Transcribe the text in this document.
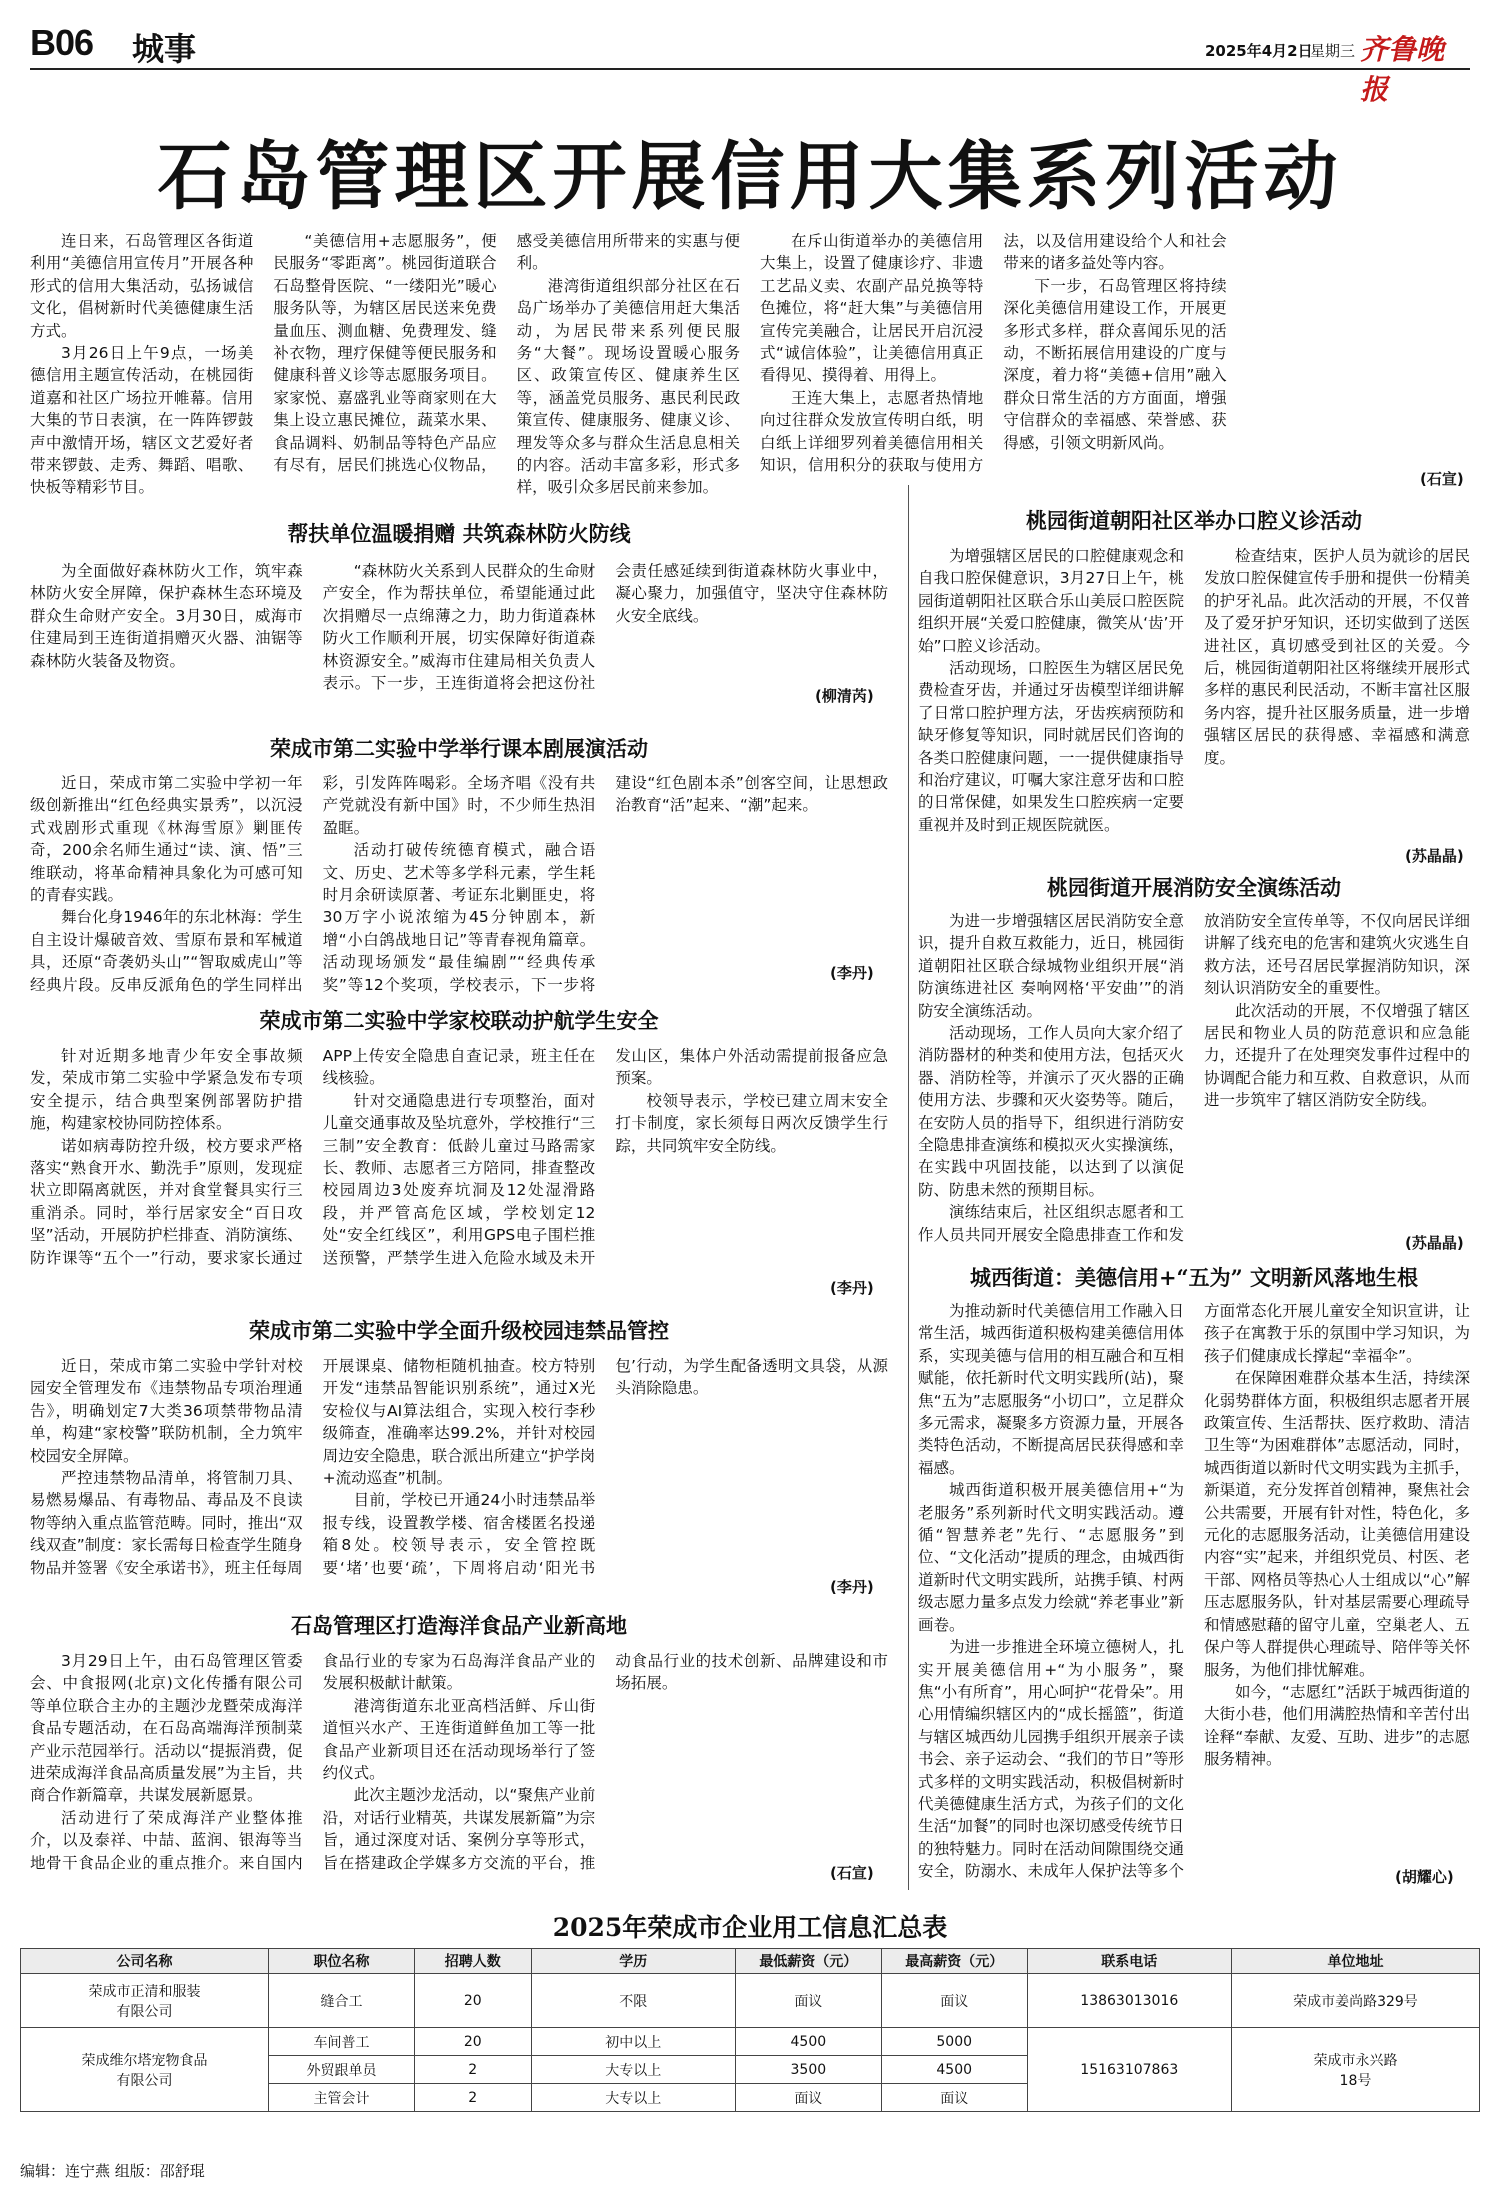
B06 城事	2025年4月2日
星期三 齐鲁晚报
石岛管理区开展信用大集系列活动

连日来，石岛管理区各街道利用“美德信用宣传月”开展各种形式的信用大集活动，弘扬诚信文化，倡树新时代美德健康生活方式。

3月26日上午9点，一场美德信用主题宣传活动，在桃园街道嘉和社区广场拉开帷幕。信用大集的节日表演，在一阵阵锣鼓声中激情开场，辖区文艺爱好者带来锣鼓、走秀、舞蹈、唱歌、快板等精彩节目。

“美德信用+志愿服务”，便民服务“零距离”。桃园街道联合石岛整骨医院、“一缕阳光”暖心服务队等，为辖区居民送来免费量血压、测血糖、免费理发、缝补衣物，理疗保健等便民服务和健康科普义诊等志愿服务项目。家家悦、嘉盛乳业等商家则在大集上设立惠民摊位，蔬菜水果、食品调料、奶制品等特色产品应有尽有，居民们挑选心仪物品，感受美德信用所带来的实惠与便利。

港湾街道组织部分社区在石岛广场举办了美德信用赶大集活动，为居民带来系列便民服务“大餐”。现场设置暖心服务区、政策宣传区、健康养生区等，涵盖党员服务、惠民利民政策宣传、健康服务、健康义诊、理发等众多与群众生活息息相关的内容。活动丰富多彩，形式多样，吸引众多居民前来参加。

在斥山街道举办的美德信用大集上，设置了健康诊疗、非遗工艺品义卖、农副产品兑换等特色摊位，将“赶大集”与美德信用宣传完美融合，让居民开启沉浸式“诚信体验”，让美德信用真正看得见、摸得着、用得上。

王连大集上，志愿者热情地向过往群众发放宣传明白纸，明白纸上详细罗列着美德信用相关知识，信用积分的获取与使用方法，以及信用建设给个人和社会带来的诸多益处等内容。

下一步，石岛管理区将持续深化美德信用建设工作，开展更多形式多样，群众喜闻乐见的活动，不断拓展信用建设的广度与深度，着力将“美德+信用”融入群众日常生活的方方面面，增强守信群众的幸福感、荣誉感、获得感，引领文明新风尚。

(石宣)
帮扶单位温暖捐赠 共筑森林防火防线

为全面做好森林防火工作，筑牢森林防火安全屏障，保护森林生态环境及群众生命财产安全。3月30日，威海市住建局到王连街道捐赠灭火器、油锯等森林防火装备及物资。

“森林防火关系到人民群众的生命财产安全，作为帮扶单位，希望能通过此次捐赠尽一点绵薄之力，助力街道森林防火工作顺利开展，切实保障好街道森林资源安全。”威海市住建局相关负责人表示。下一步，王连街道将会把这份社会责任感延续到街道森林防火事业中，凝心聚力，加强值守，坚决守住森林防火安全底线。

(柳清芮)
荣成市第二实验中学举行课本剧展演活动

近日，荣成市第二实验中学初一年级创新推出“红色经典实景秀”，以沉浸式戏剧形式重现《林海雪原》剿匪传奇，200余名师生通过“读、演、悟”三维联动，将革命精神具象化为可感可知的青春实践。

舞台化身1946年的东北林海：学生自主设计爆破音效、雪原布景和军械道具，还原“奇袭奶头山”“智取威虎山”等经典片段。反串反派角色的学生同样出彩，引发阵阵喝彩。全场齐唱《没有共产党就没有新中国》时，不少师生热泪盈眶。

活动打破传统德育模式，融合语文、历史、艺术等多学科元素，学生耗时月余研读原著、考证东北剿匪史，将30万字小说浓缩为45分钟剧本，新增“小白鸽战地日记”等青春视角篇章。活动现场颁发“最佳编剧”“经典传承奖”等12个奖项，学校表示，下一步将建设“红色剧本杀”创客空间，让思想政治教育“活”起来、“潮”起来。

(李丹)
荣成市第二实验中学家校联动护航学生安全

针对近期多地青少年安全事故频发，荣成市第二实验中学紧急发布专项安全提示，结合典型案例部署防护措施，构建家校协同防控体系。

诺如病毒防控升级，校方要求严格落实“熟食开水、勤洗手”原则，发现症状立即隔离就医，并对食堂餐具实行三重消杀。同时，举行居家安全“百日攻坚”活动，开展防护栏排查、消防演练、防诈课等“五个一”行动，要求家长通过APP上传安全隐患自查记录，班主任在线核验。

针对交通隐患进行专项整治，面对儿童交通事故及坠坑意外，学校推行“三三制”安全教育：低龄儿童过马路需家长、教师、志愿者三方陪同，排查整改校园周边3处废弃坑洞及12处湿滑路段，并严管高危区域，学校划定12处“安全红线区”，利用GPS电子围栏推送预警，严禁学生进入危险水域及未开发山区，集体户外活动需提前报备应急预案。

校领导表示，学校已建立周末安全打卡制度，家长须每日两次反馈学生行踪，共同筑牢安全防线。

(李丹)
荣成市第二实验中学全面升级校园违禁品管控

近日，荣成市第二实验中学针对校园安全管理发布《违禁物品专项治理通告》，明确划定7大类36项禁带物品清单，构建“家校警”联防机制，全力筑牢校园安全屏障。

严控违禁物品清单，将管制刀具、易燃易爆品、有毒物品、毒品及不良读物等纳入重点监管范畴。同时，推出“双线双查”制度：家长需每日检查学生随身物品并签署《安全承诺书》，班主任每周开展课桌、储物柜随机抽查。校方特别开发“违禁品智能识别系统”，通过X光安检仪与AI算法组合，实现入校行李秒级筛查，准确率达99.2%，并针对校园周边安全隐患，联合派出所建立“护学岗+流动巡查”机制。

目前，学校已开通24小时违禁品举报专线，设置教学楼、宿舍楼匿名投递箱8处。校领导表示，安全管控既要‘堵’也要‘疏’，下周将启动‘阳光书包’行动，为学生配备透明文具袋，从源头消除隐患。

(李丹)
石岛管理区打造海洋食品产业新高地

3月29日上午，由石岛管理区管委会、中食报网(北京)文化传播有限公司等单位联合主办的主题沙龙暨荣成海洋食品专题活动，在石岛高端海洋预制菜产业示范园举行。活动以“提振消费，促进荣成海洋食品高质量发展”为主旨，共商合作新篇章，共谋发展新愿景。

活动进行了荣成海洋产业整体推介，以及泰祥、中喆、蓝润、银海等当地骨干食品企业的重点推介。来自国内食品行业的专家为石岛海洋食品产业的发展积极献计献策。

港湾街道东北亚高档活鲜、斥山街道恒兴水产、王连街道鲜鱼加工等一批食品产业新项目还在活动现场举行了签约仪式。

此次主题沙龙活动，以“聚焦产业前沿，对话行业精英，共谋发展新篇”为宗旨，通过深度对话、案例分享等形式，旨在搭建政企学媒多方交流的平台，推动食品行业的技术创新、品牌建设和市场拓展。

(石宣)
桃园街道朝阳社区举办口腔义诊活动

为增强辖区居民的口腔健康观念和自我口腔保健意识，3月27日上午，桃园街道朝阳社区联合乐山美辰口腔医院组织开展“关爱口腔健康，微笑从‘齿’开始”口腔义诊活动。

活动现场，口腔医生为辖区居民免费检查牙齿，并通过牙齿模型详细讲解了日常口腔护理方法，牙齿疾病预防和缺牙修复等知识，同时就居民们咨询的各类口腔健康问题，一一提供健康指导和治疗建议，叮嘱大家注意牙齿和口腔的日常保健，如果发生口腔疾病一定要重视并及时到正规医院就医。

检查结束，医护人员为就诊的居民发放口腔保健宣传手册和提供一份精美的护牙礼品。此次活动的开展，不仅普及了爱牙护牙知识，还切实做到了送医进社区，真切感受到社区的关爱。今后，桃园街道朝阳社区将继续开展形式多样的惠民利民活动，不断丰富社区服务内容，提升社区服务质量，进一步增强辖区居民的获得感、幸福感和满意度。

(苏晶晶)
桃园街道开展消防安全演练活动

为进一步增强辖区居民消防安全意识，提升自救互救能力，近日，桃园街道朝阳社区联合绿城物业组织开展“消防演练进社区 奏响网格‘平安曲’”的消防安全演练活动。

活动现场，工作人员向大家介绍了消防器材的种类和使用方法，包括灭火器、消防栓等，并演示了灭火器的正确使用方法、步骤和灭火姿势等。随后，在安防人员的指导下，组织进行消防安全隐患排查演练和模拟灭火实操演练，在实践中巩固技能，以达到了以演促防、防患未然的预期目标。

演练结束后，社区组织志愿者和工作人员共同开展安全隐患排查工作和发放消防安全宣传单等，不仅向居民详细讲解了线充电的危害和建筑火灾逃生自救方法，还号召居民掌握消防知识，深刻认识消防安全的重要性。

此次活动的开展，不仅增强了辖区居民和物业人员的防范意识和应急能力，还提升了在处理突发事件过程中的协调配合能力和互救、自救意识，从而进一步筑牢了辖区消防安全防线。

(苏晶晶)
城西街道：美德信用+“五为” 文明新风落地生根

为推动新时代美德信用工作融入日常生活，城西街道积极构建美德信用体系，实现美德与信用的相互融合和互相赋能，依托新时代文明实践所(站)，聚焦“五为”志愿服务“小切口”，立足群众多元需求，凝聚多方资源力量，开展各类特色活动，不断提高居民获得感和幸福感。

城西街道积极开展美德信用+“为老服务”系列新时代文明实践活动。遵循“智慧养老”先行、“志愿服务”到位、“文化活动”提质的理念，由城西街道新时代文明实践所，站携手镇、村两级志愿力量多点发力绘就“养老事业”新画卷。

为进一步推进全环境立德树人，扎实开展美德信用+“为小服务”，聚焦“小有所育”，用心呵护“花骨朵”。用心用情编织辖区内的“成长摇篮”，街道与辖区城西幼儿园携手组织开展亲子读书会、亲子运动会、“我们的节日”等形式多样的文明实践活动，积极倡树新时代美德健康生活方式，为孩子们的文化生活“加餐”的同时也深切感受传统节日的独特魅力。同时在活动间隙围绕交通安全，防溺水、未成年人保护法等多个方面常态化开展儿童安全知识宣讲，让孩子在寓教于乐的氛围中学习知识，为孩子们健康成长撑起“幸福伞”。

在保障困难群众基本生活，持续深化弱势群体方面，积极组织志愿者开展政策宣传、生活帮扶、医疗救助、清洁卫生等“为困难群体”志愿活动，同时，城西街道以新时代文明实践为主抓手，新渠道，充分发挥首创精神，聚焦社会公共需要，开展有针对性，特色化，多元化的志愿服务活动，让美德信用建设内容“实”起来，并组织党员、村医、老干部、网格员等热心人士组成以“心”解压志愿服务队，针对基层需要心理疏导和情感慰藉的留守儿童，空巢老人、五保户等人群提供心理疏导、陪伴等关怀服务，为他们排忧解难。

如今，“志愿红”活跃于城西街道的大街小巷，他们用满腔热情和辛苦付出诠释“奉献、友爱、互助、进步”的志愿服务精神。

(胡耀心)
2025年荣成市企业用工信息汇总表
公司名称	职位名称	招聘人数	学历	最低薪资（元）	最高薪资（元）	联系电话	单位地址
荣成市正清和服装
有限公司	缝合工	20	不限	面议	面议	13863013016	荣成市姜尚路329号
荣成维尔塔宠物食品
有限公司	车间普工	20	初中以上	4500	5000	15163107863	荣成市永兴路
18号
	外贸跟单员	2	大专以上	3500	4500		
	主管会计	2	大专以上	面议	面议		
编辑：连宁燕 组版：邵舒琨
